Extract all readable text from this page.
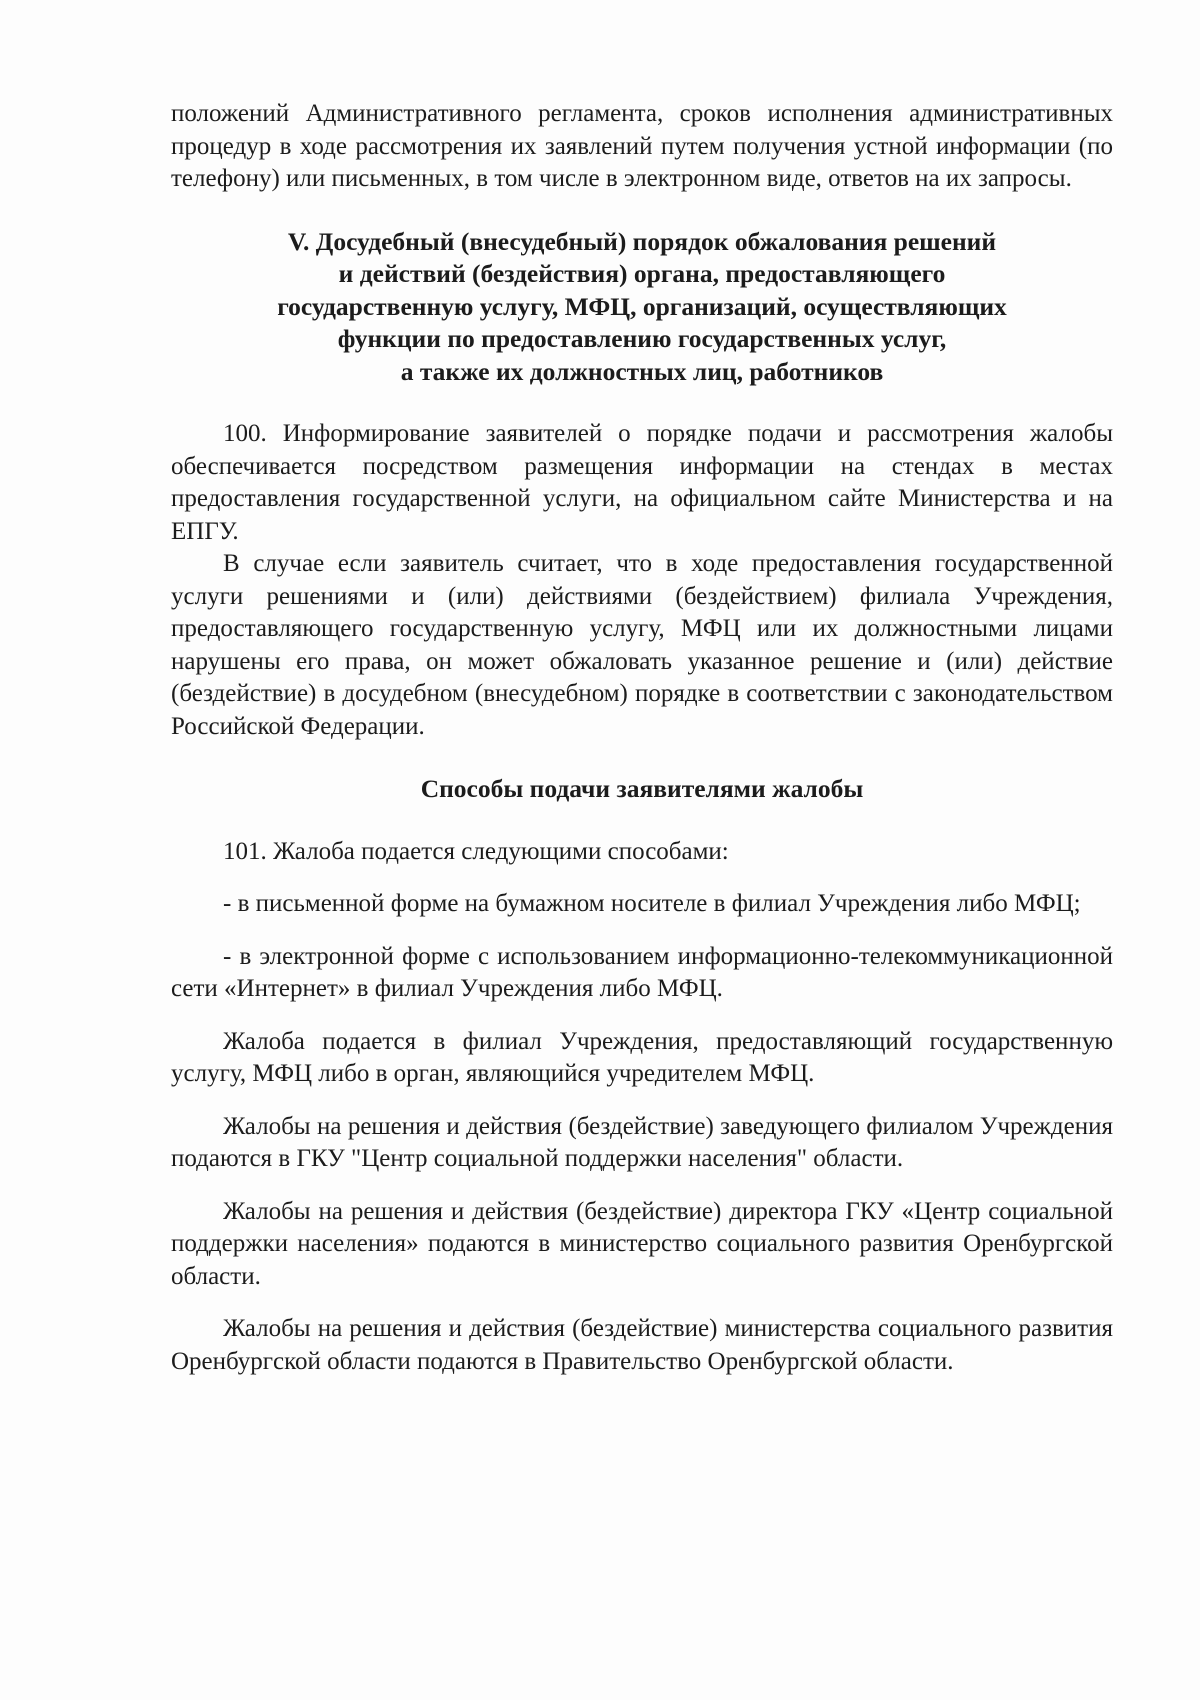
положений Административного регламента, сроков исполнения административных процедур в ходе рассмотрения их заявлений путем получения устной информации (по телефону) или письменных, в том числе в электронном виде, ответов на их запросы.

V. Досудебный (внесудебный) порядок обжалования решений
и действий (бездействия) органа, предоставляющего
государственную услугу, МФЦ, организаций, осуществляющих
функции по предоставлению государственных услуг,
а также их должностных лиц, работников

100. Информирование заявителей о порядке подачи и рассмотрения жалобы обеспечивается посредством размещения информации на стендах в местах предоставления государственной услуги, на официальном сайте Министерства и на ЕПГУ.

В случае если заявитель считает, что в ходе предоставления государственной услуги решениями и (или) действиями (бездействием) филиала Учреждения, предоставляющего государственную услугу, МФЦ или их должностными лицами нарушены его права, он может обжаловать указанное решение и (или) действие (бездействие) в досудебном (внесудебном) порядке в соответствии с законодательством Российской Федерации.

Способы подачи заявителями жалобы

101. Жалоба подается следующими способами:

- в письменной форме на бумажном носителе в филиал Учреждения либо МФЦ;

- в электронной форме с использованием информационно-телекоммуникационной сети «Интернет» в филиал Учреждения либо МФЦ.

Жалоба подается в филиал Учреждения, предоставляющий государственную услугу, МФЦ либо в орган, являющийся учредителем МФЦ.

Жалобы на решения и действия (бездействие) заведующего филиалом Учреждения подаются в ГКУ "Центр социальной поддержки населения" области.

Жалобы на решения и действия (бездействие) директора ГКУ «Центр социальной поддержки населения» подаются в министерство социального развития Оренбургской области.

Жалобы на решения и действия (бездействие) министерства социального развития Оренбургской области подаются в Правительство Оренбургской области.
